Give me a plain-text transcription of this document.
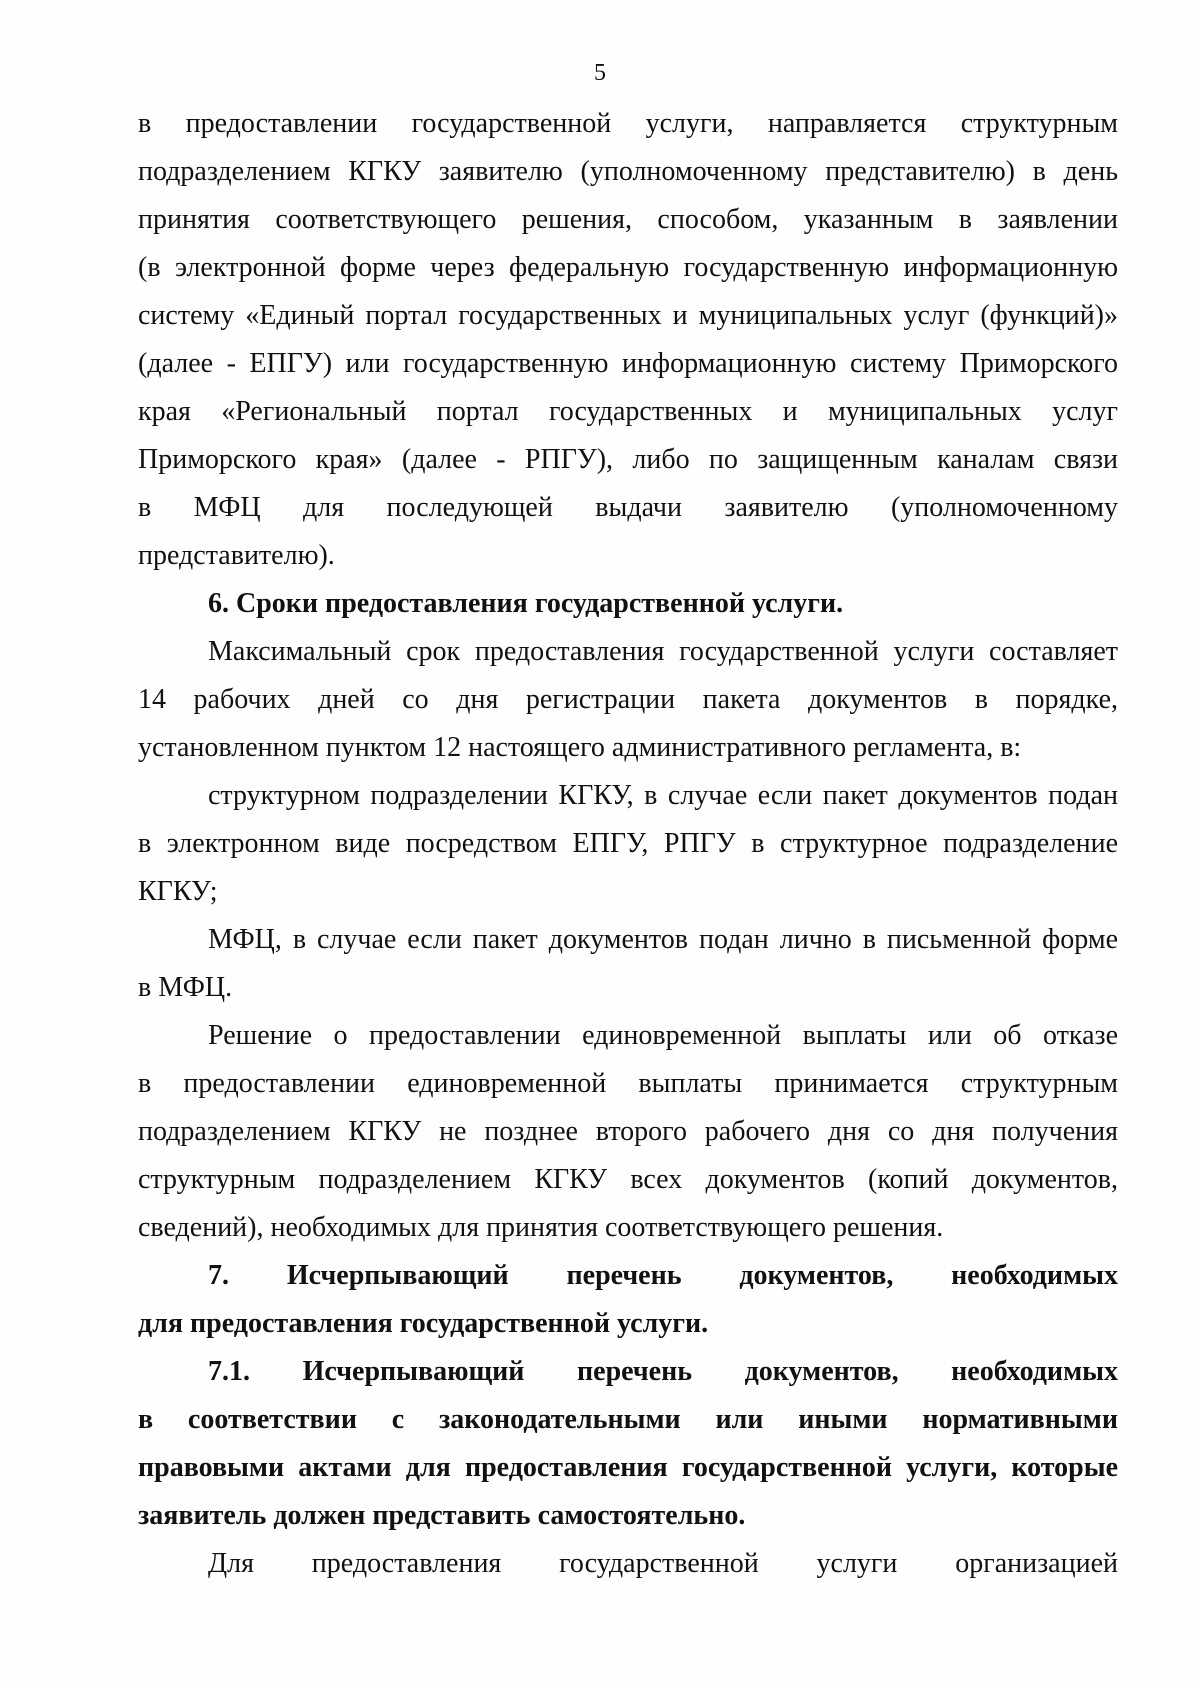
5
в предоставлении государственной услуги, направляется структурным
подразделением КГКУ заявителю (уполномоченному представителю) в день
принятия соответствующего решения, способом, указанным в заявлении
(в электронной форме через федеральную государственную информационную
систему «Единый портал государственных и муниципальных услуг (функций)»
(далее - ЕПГУ) или государственную информационную систему Приморского
края «Региональный портал государственных и муниципальных услуг
Приморского края» (далее - РПГУ), либо по защищенным каналам связи
в МФЦ для последующей выдачи заявителю (уполномоченному
представителю).
6. Сроки предоставления государственной услуги.
Максимальный срок предоставления государственной услуги составляет
14 рабочих дней со дня регистрации пакета документов в порядке,
установленном пунктом 12 настоящего административного регламента, в:
структурном подразделении КГКУ, в случае если пакет документов подан
в электронном виде посредством ЕПГУ, РПГУ в структурное подразделение
КГКУ;
МФЦ, в случае если пакет документов подан лично в письменной форме
в МФЦ.
Решение о предоставлении единовременной выплаты или об отказе
в предоставлении единовременной выплаты принимается структурным
подразделением КГКУ не позднее второго рабочего дня со дня получения
структурным подразделением КГКУ всех документов (копий документов,
сведений), необходимых для принятия соответствующего решения.
7. Исчерпывающий перечень документов, необходимых
для предоставления государственной услуги.
7.1. Исчерпывающий перечень документов, необходимых
в соответствии с законодательными или иными нормативными
правовыми актами для предоставления государственной услуги, которые
заявитель должен представить самостоятельно.
Для предоставления государственной услуги организацией
